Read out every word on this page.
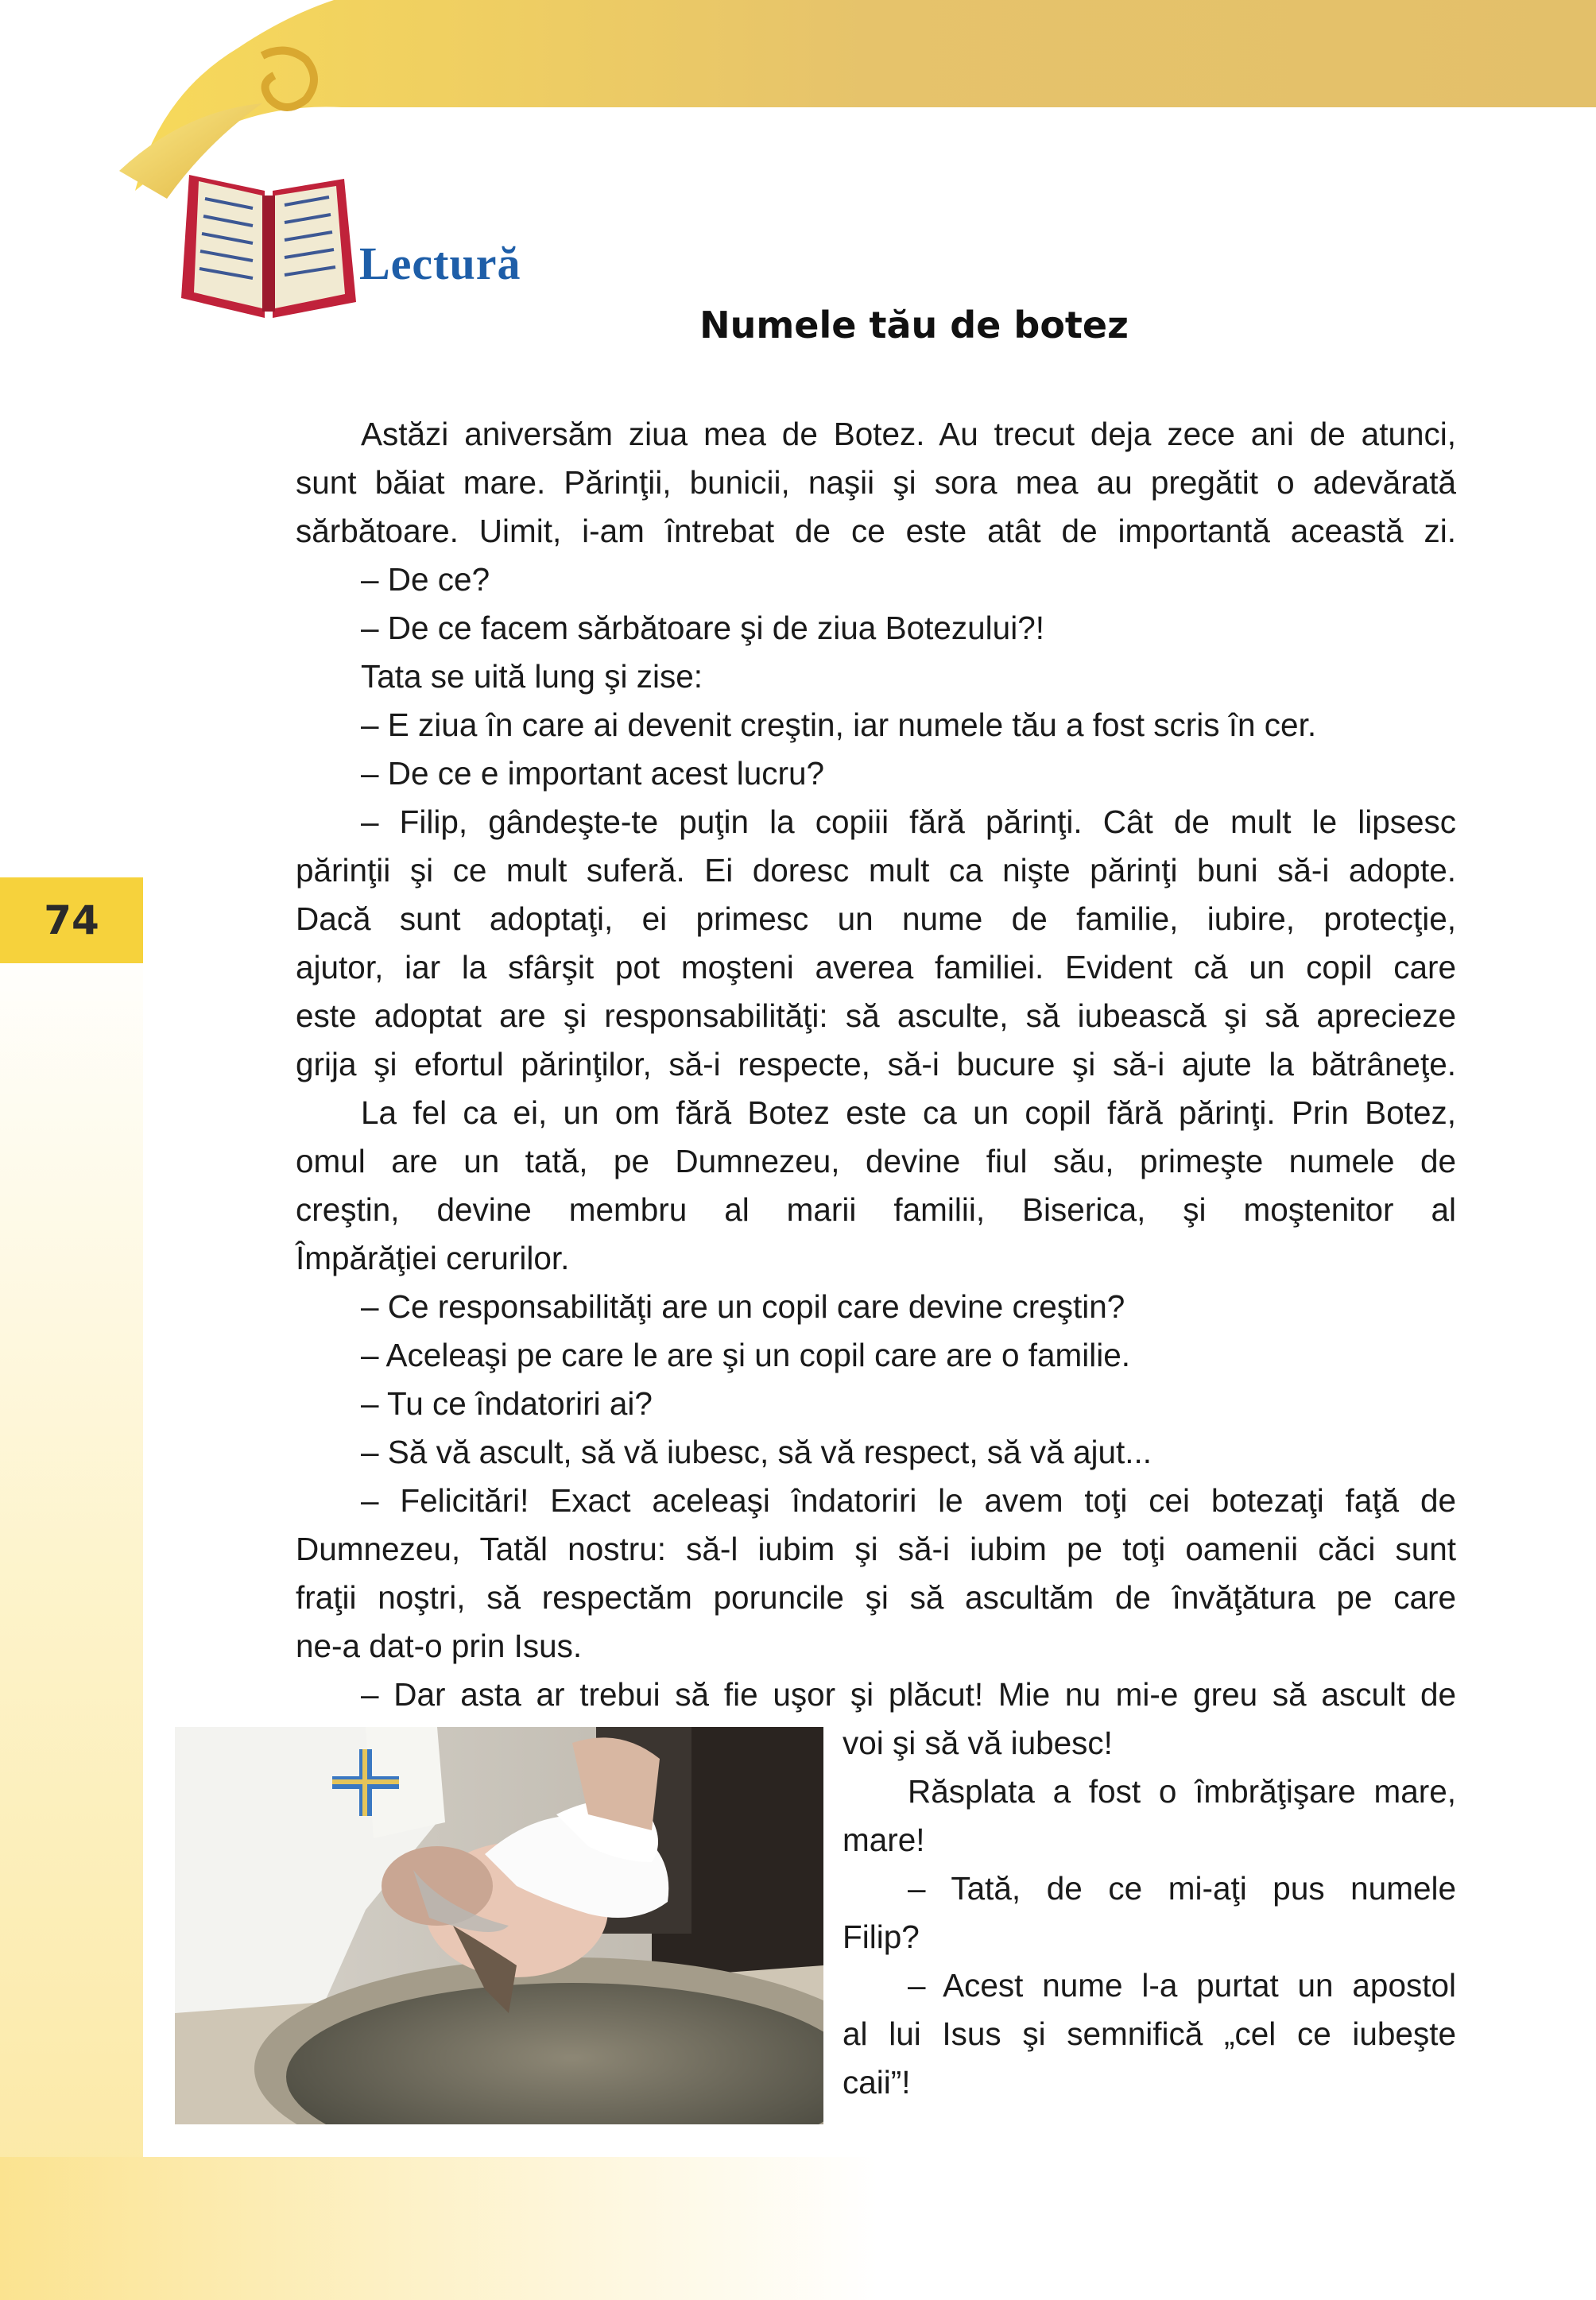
74
Lectură
Numele tău de botez
Astăzi aniversăm ziua mea de Botez. Au trecut deja zece ani de atunci,
sunt băiat mare. Părinţii, bunicii, naşii şi sora mea au pregătit o adevărată
sărbătoare. Uimit, i-am întrebat de ce este atât de importantă această zi.
– De ce?
– De ce facem sărbătoare şi de ziua Botezului?!
Tata se uită lung şi zise:
– E ziua în care ai devenit creştin, iar numele tău a fost scris în cer.
– De ce e important acest lucru?
– Filip, gândeşte-te puţin la copiii fără părinţi. Cât de mult le lipsesc
părinţii şi ce mult suferă. Ei doresc mult ca nişte părinţi buni să-i adopte.
Dacă sunt adoptaţi, ei primesc un nume de familie, iubire, protecţie,
ajutor, iar la sfârşit pot moşteni averea familiei. Evident că un copil care
este adoptat are şi responsabilităţi: să asculte, să iubească şi să aprecieze
grija şi efortul părinţilor, să-i respecte, să-i bucure şi să-i ajute la bătrâneţe.
La fel ca ei, un om fără Botez este ca un copil fără părinţi. Prin Botez,
omul are un tată, pe Dumnezeu, devine fiul său, primeşte numele de
creştin, devine membru al marii familii, Biserica, şi moştenitor al
Împărăţiei cerurilor.
– Ce responsabilităţi are un copil care devine creştin?
– Aceleaşi pe care le are şi un copil care are o familie.
– Tu ce îndatoriri ai?
– Să vă ascult, să vă iubesc, să vă respect, să vă ajut...
– Felicitări! Exact aceleaşi îndatoriri le avem toţi cei botezaţi faţă de
Dumnezeu, Tatăl nostru: să-l iubim şi să-i iubim pe toţi oamenii căci sunt
fraţii noştri, să respectăm poruncile şi să ascultăm de învăţătura pe care
ne-a dat-o prin Isus.
– Dar asta ar trebui să fie uşor şi plăcut! Mie nu mi-e greu să ascult de
voi şi să vă iubesc!
Răsplata a fost o îmbrăţişare mare,
mare!
– Tată, de ce mi-aţi pus numele
Filip?
– Acest nume l-a purtat un apostol
al lui Isus şi semnifică „cel ce iubeşte
caii”!
